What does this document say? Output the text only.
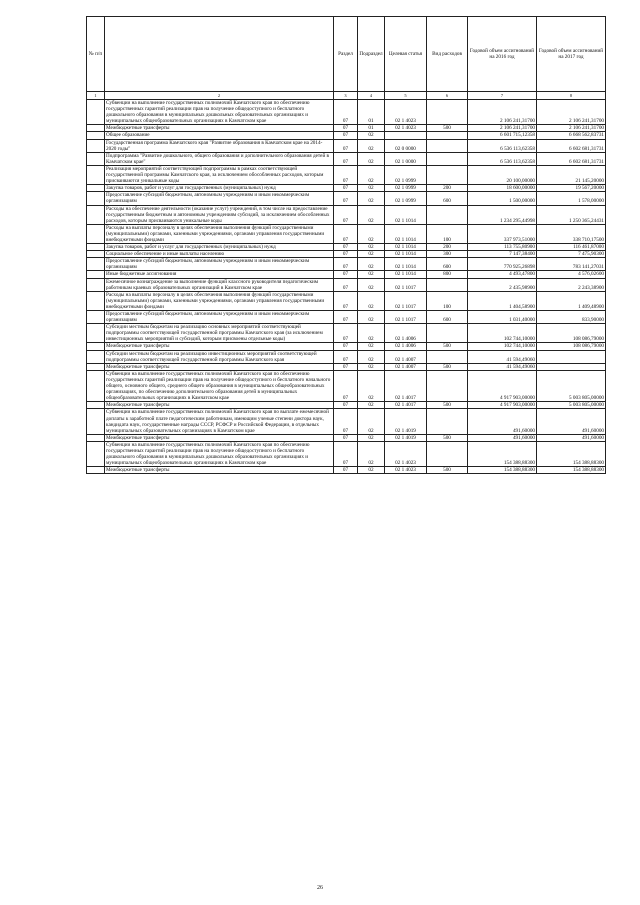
№ п/п		Раздел	Подраздел	Целевая статья	Вид расходов	Годовой объем ассигнований на 2016 год	Годовой объем ассигнований на 2017 год
1	2	3	4	5	6	7	8
	Субвенции на выполнение государственных полномочий Камчатского края по обеспечению государственных гарантий реализации прав на получение общедоступного и бесплатного дошкольного образования в муниципальных дошкольных образовательных организациях и муниципальных общеобразовательных организациях в Камчатском крае	07	01	02 1 4023		2 106 241,31700	2 106 241,31700
	Межбюджетные трансферты	07	01	02 1 4023	500	2 106 241,31700	2 106 241,31700
	Общее образование	07	02			6 601 715,12358	6 668 562,83731
	Государственная программа Камчатского края "Развитие образования в Камчатском крае на 2014-2020 годы"	07	02	02 0 0000		6 536 113,62358	6 602 681,31731
	Подпрограмма "Развитие дошкольного, общего образования и дополнительного образования детей в Камчатском крае"	07	02	02 1 0000		6 536 113,62358	6 602 681,31731
	Реализация мероприятий соответствующей подпрограммы в рамках соответствующей государственной программы Камчатского края, за исключением обособленных расходов, которым присваиваются уникальные коды	07	02	02 1 0999		20 100,00000	21 145,20000
	Закупка товаров, работ и услуг для государственных (муниципальных) нужд	07	02	02 1 0999	200	18 600,00000	19 567,20000
	Предоставление субсидий бюджетным, автономным учреждениям и иным некоммерческим организациям	07	02	02 1 0999	600	1 500,00000	1 578,00000
	Расходы на обеспечение деятельности (оказание услуг) учреждений, в том числе на предоставление государственным бюджетным и автономным учреждениям субсидий, за исключением обособленных расходов, которым присваиваются уникальные коды	07	02	02 1 1014		1 234 295,44998	1 250 365,24431
	Расходы на выплаты персоналу в целях обеспечения выполнения функций государственными (муниципальными) органами, казенными учреждениями, органами управления государственными внебюджетными фондами	07	02	02 1 1014	100	337 973,51000	338 710,17500
	Закупка товаров, работ и услуг для государственных (муниципальных) нужд	07	02	02 1 1014	200	113 755,80900	116 461,87000
	Социальное обеспечение и иные выплаты населению	07	02	02 1 1014	300	7 147,38400	7 475,90300
	Предоставление субсидий бюджетным, автономным учреждениям и иным некоммерческим организациям	07	02	02 1 1014	600	770 925,26898	783 141,27031
	Иные бюджетные ассигнования	07	02	02 1 1014	800	4 493,47800	4 576,02600
	Ежемесячное вознаграждение за выполнение функций классного руководителя педагогическим работникам краевых образовательных организаций в Камчатском крае	07	02	02 1 1017		2 435,98900	2 243,38900
	Расходы на выплаты персоналу в целях обеспечения выполнения функций государственными (муниципальными) органами, казенными учреждениями, органами управления государственными внебюджетными фондами	07	02	02 1 1017	100	1 404,58900	1 409,48900
	Предоставление субсидий бюджетным, автономным учреждениям и иным некоммерческим организациям	07	02	02 1 1017	600	1 031,40000	833,90000
	Субсидии местным бюджетам на реализацию основных мероприятий соответствующей подпрограммы соответствующей государственной программы Камчатского края (за исключением инвестиционных мероприятий и субсидий, которым присвоены отдельные коды)	07	02	02 1 4006		102 744,10000	108 086,79000
	Межбюджетные трансферты	07	02	02 1 4006	500	102 744,10000	108 086,79000
	Субсидии местным бюджетам на реализацию инвестиционных мероприятий соответствующей подпрограммы соответствующей государственной программы Камчатского края	07	02	02 1 4007		41 594,49060	
	Межбюджетные трансферты	07	02	02 1 4007	500	41 594,49060	
	Субвенции на выполнение государственных полномочий Камчатского края по обеспечению государственных гарантий реализации прав на получение общедоступного и бесплатного начального общего, основного общего, среднего общего образования в муниципальных общеобразовательных организациях, по обеспечению дополнительного образования детей в муниципальных общеобразовательных организациях в Камчатском крае	07	02	02 1 4017		4 917 903,00000	5 003 805,00000
	Межбюджетные трансферты	07	02	02 1 4017	500	4 917 903,00000	5 003 805,00000
	Субвенции на выполнение государственных полномочий Камчатского края по выплате ежемесячной доплаты к заработной плате педагогическим работникам, имеющим ученые степени доктора наук, кандидата наук, государственные награды СССР, РСФСР и Российской Федерации, в отдельных муниципальных образовательных организациях в Камчатском крае	07	02	02 1 4019		491,60000	491,60000
	Межбюджетные трансферты	07	02	02 1 4019	500	491,60000	491,60000
	Субвенции на выполнение государственных полномочий Камчатского края по обеспечению государственных гарантий реализации прав на получение общедоступного и бесплатного дошкольного образования в муниципальных дошкольных образовательных организациях и муниципальных общеобразовательных организациях в Камчатском крае	07	02	02 1 4023		154 388,88300	154 388,88300
	Межбюджетные трансферты	07	02	02 1 4023	500	154 388,88300	154 388,88300
26
